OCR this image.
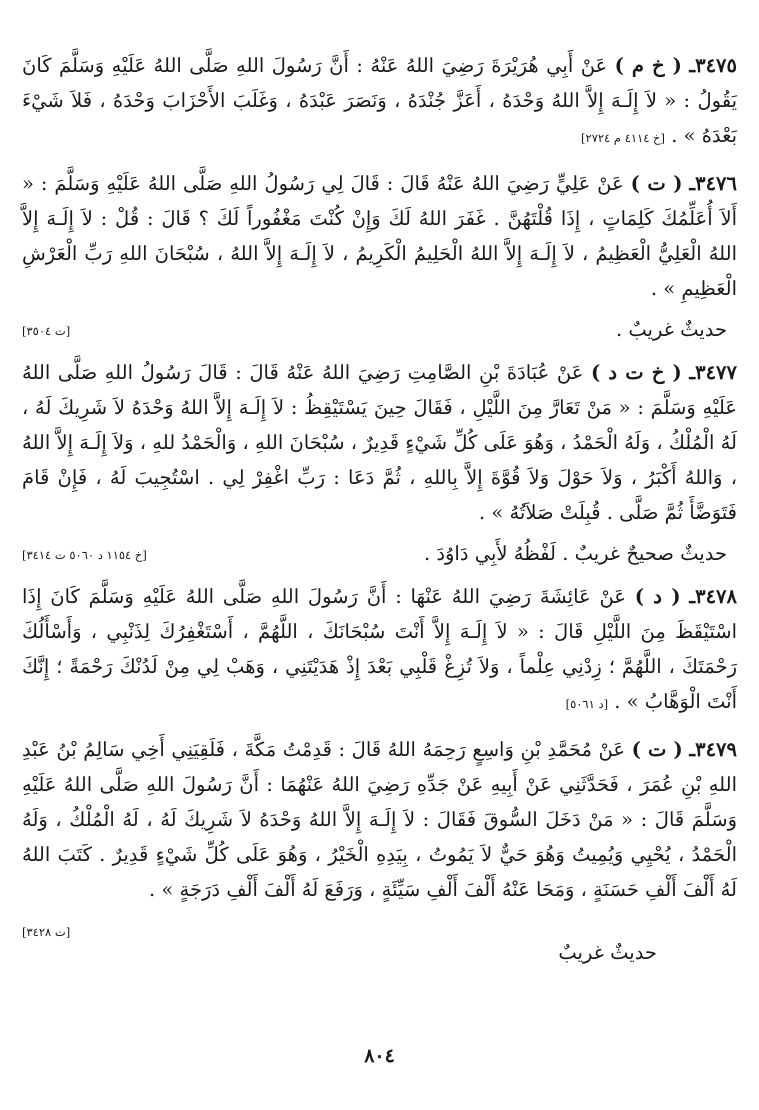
٣٤٧٥ـ ( خ م ) عَنْ أَبِي هُرَيْرَةَ رَضِيَ اللهُ عَنْهُ : أَنَّ رَسُولَ اللهِ صَلَّى اللهُ عَلَيْهِ وَسَلَّمَ كَانَ يَقُولُ : « لاَ إِلَـهَ إِلاَّ اللهُ وَحْدَهُ ، أَعَزَّ جُنْدَهُ ، وَنَصَرَ عَبْدَهُ ، وَغَلَبَ الأَحْزَابَ وَحْدَهُ ، فَلاَ شَيْءَ بَعْدَهُ » . [خ ٤١١٤ م ٢٧٢٤]

٣٤٧٦ـ ( ت ) عَنْ عَلِيٍّ رَضِيَ اللهُ عَنْهُ قَالَ : قَالَ لِي رَسُولُ اللهِ صَلَّى اللهُ عَلَيْهِ وَسَلَّمَ : « أَلاَ أُعَلِّمُكَ كَلِمَاتٍ ، إِذَا قُلْتَهُنَّ . غَفَرَ اللهُ لَكَ وَإِنْ كُنْتَ مَغْفُوراً لَكَ ؟ قَالَ : قُلْ : لاَ إِلَـهَ إِلاَّ اللهُ الْعَلِيُّ الْعَظِيمُ ، لاَ إِلَـهَ إِلاَّ اللهُ الْحَلِيمُ الْكَرِيمُ ، لاَ إِلَـهَ إِلاَّ اللهُ ، سُبْحَانَ اللهِ رَبِّ الْعَرْشِ الْعَظِيمِ » .

حديثٌ غريبٌ .
[ت ٣٥٠٤]

٣٤٧٧ـ ( خ ت د ) عَنْ عُبَادَةَ بْنِ الصَّامِتِ رَضِيَ اللهُ عَنْهُ قَالَ : قَالَ رَسُولُ اللهِ صَلَّى اللهُ عَلَيْهِ وَسَلَّمَ : « مَنْ تَعَارَّ مِنَ اللَّيْلِ ، فَقَالَ حِينَ يَسْتَيْقِظُ : لاَ إِلَـهَ إِلاَّ اللهُ وَحْدَهُ لاَ شَرِيكَ لَهُ ، لَهُ الْمُلْكُ ، وَلَهُ الْحَمْدُ ، وَهُوَ عَلَى كُلِّ شَيْءٍ قَدِيرٌ ، سُبْحَانَ اللهِ ، وَالْحَمْدُ للهِ ، وَلاَ إِلَـهَ إِلاَّ اللهُ ، وَاللهُ أَكْبَرُ ، وَلاَ حَوْلَ وَلاَ قُوَّةَ إِلاَّ بِاللهِ ، ثُمَّ دَعَا : رَبِّ اغْفِرْ لِي . اسْتُجِيبَ لَهُ ، فَإِنْ قَامَ فَتَوَضَّأَ ثُمَّ صَلَّى . قُبِلَتْ صَلاَتُهُ » .

حديثٌ صحيحٌ غريبٌ . لَفْظُهُ لأَبِي دَاوُدَ .
[خ ١١٥٤ د ٥٠٦٠ ت ٣٤١٤]

٣٤٧٨ـ ( د ) عَنْ عَائِشَةَ رَضِيَ اللهُ عَنْهَا : أَنَّ رَسُولَ اللهِ صَلَّى اللهُ عَلَيْهِ وَسَلَّمَ كَانَ إِذَا اسْتَيْقَظَ مِنَ اللَّيْلِ قَالَ : « لاَ إِلَـهَ إِلاَّ أَنْتَ سُبْحَانَكَ ، اللَّهُمَّ ، أَسْتَغْفِرُكَ لِذَنْبِي ، وَأَسْأَلُكَ رَحْمَتَكَ ، اللَّهُمَّ ؛ زِدْنِي عِلْماً ، وَلاَ تُزِغْ قَلْبِي بَعْدَ إِذْ هَدَيْتَنِي ، وَهَبْ لِي مِنْ لَدُنْكَ رَحْمَةً ؛ إِنَّكَ أَنْتَ الْوَهَّابُ » . [د ٥٠٦١]

٣٤٧٩ـ ( ت ) عَنْ مُحَمَّدِ بْنِ وَاسِعٍ رَحِمَهُ اللهُ قَالَ : قَدِمْتُ مَكَّةَ ، فَلَقِيَنِي أَخِي سَالِمُ بْنُ عَبْدِ اللهِ بْنِ عُمَرَ ، فَحَدَّثَنِي عَنْ أَبِيهِ عَنْ جَدِّهِ رَضِيَ اللهُ عَنْهُمَا : أَنَّ رَسُولَ اللهِ صَلَّى اللهُ عَلَيْهِ وَسَلَّمَ قَالَ : « مَنْ دَخَلَ السُّوقَ فَقَالَ : لاَ إِلَـهَ إِلاَّ اللهُ وَحْدَهُ لاَ شَرِيكَ لَهُ ، لَهُ الْمُلْكُ ، وَلَهُ الْحَمْدُ ، يُحْيِي وَيُمِيتُ وَهُوَ حَيٌّ لاَ يَمُوتُ ، بِيَدِهِ الْخَيْرُ ، وَهُوَ عَلَى كُلِّ شَيْءٍ قَدِيرٌ . كَتَبَ اللهُ لَهُ أَلْفَ أَلْفِ حَسَنَةٍ ، وَمَحَا عَنْهُ أَلْفَ أَلْفِ سَيِّئَةٍ ، وَرَفَعَ لَهُ أَلْفَ أَلْفِ دَرَجَةٍ » .

[ت ٣٤٢٨]
حديثٌ غريبٌ
٨٠٤
